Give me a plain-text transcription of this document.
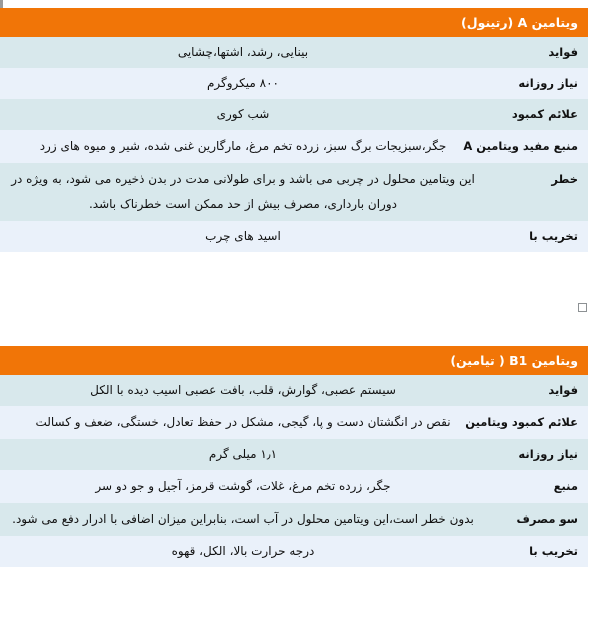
ویتامین A (رتینول)	
فواید	بینایی، رشد، اشتها،چشایی
نیاز روزانه	۸۰۰ میکروگرم
علائم کمبود	شب کوری
منبع مفید ویتامین A	جگر،سبزیجات برگ سبز، زرده تخم مرغ، مارگارین غنی شده، شیر و میوه های زرد
خطر	این ویتامین محلول در چربی می باشد و برای طولانی مدت در بدن ذخیره می شود، به ویژه در دوران بارداری، مصرف بیش از حد ممکن است خطرناک باشد.
تخریب با	اسید های چرب
ویتامین B1 ( تیامین)	
فواید	سیستم عصبی، گوارش، قلب، بافت عصبی اسیب دیده با الکل
علائم کمبود ویتامین	نقص در انگشتان دست و پا، گیجی، مشکل در حفظ تعادل، خستگی، ضعف و کسالت
نیاز روزانه	۱٫۱ میلی گرم
منبع	جگر، زرده تخم مرغ، غلات، گوشت قرمز، آجیل و جو دو سر
سو مصرف	بدون خطر است،این ویتامین محلول در آب است، بنابراین میزان اضافی با ادرار دفع می شود.
تخریب با	درجه حرارت بالا، الکل، قهوه
